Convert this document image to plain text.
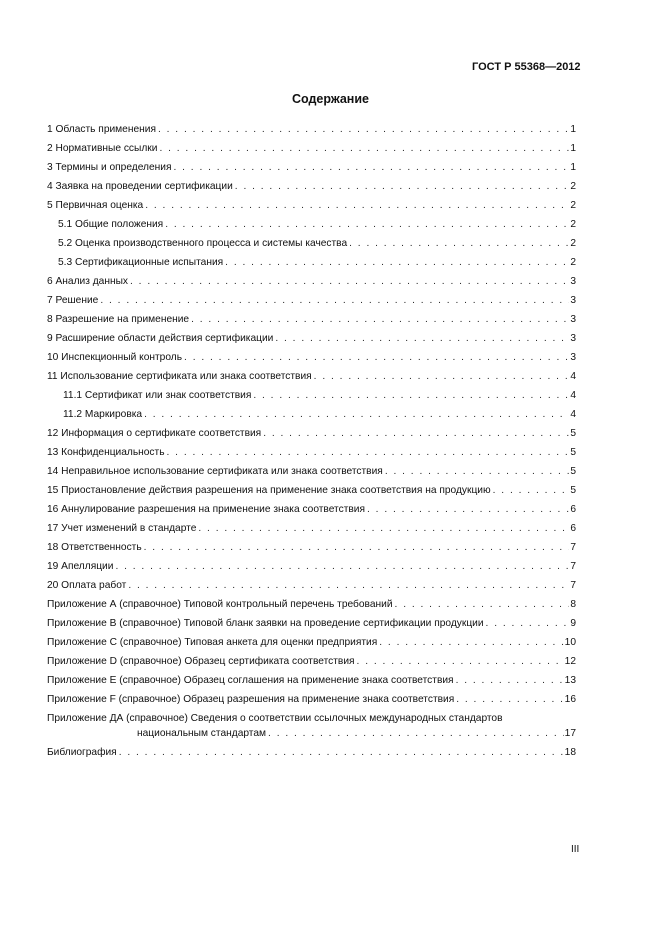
ГОСТ Р 55368—2012
Содержание
1 Область применения . . .	1
2 Нормативные ссылки . . .	1
3 Термины и определения . . .	1
4 Заявка на проведении сертификации . . .	2
5 Первичная оценка . . .	2
5.1 Общие положения . . .	2
5.2 Оценка производственного процесса и системы качества . . .	2
5.3 Сертификационные испытания . . .	2
6 Анализ данных . . .	3
7 Решение . . .	3
8 Разрешение на применение . . .	3
9 Расширение области действия сертификации . . .	3
10 Инспекционный контроль . . .	3
11 Использование сертификата или знака соответствия . . .	4
11.1 Сертификат или знак соответствия . . .	4
11.2 Маркировка . . .	4
12 Информация о сертификате соответствия . . .	5
13 Конфиденциальность . . .	5
14 Неправильное использование сертификата или знака соответствия . . .	5
15 Приостановление действия разрешения на применение знака соответствия на продукцию . . .	5
16 Аннулирование разрешения на применение знака соответствия . . .	6
17 Учет изменений в стандарте . . .	6
18 Ответственность . . .	7
19 Апелляции . . .	7
20 Оплата работ . . .	7
Приложение А (справочное) Типовой контрольный перечень требований . . .	8
Приложение В (справочное) Типовой бланк заявки на проведение сертификации продукции . . .	9
Приложение С (справочное) Типовая анкета для оценки предприятия . . .	10
Приложение D (справочное) Образец сертификата соответствия . . .	12
Приложение Е (справочное) Образец соглашения на применение знака соответствия . . .	13
Приложение F (справочное) Образец разрешения на применение знака соответствия . . .	16
Приложение ДА (справочное) Сведения о соответствии ссылочных международных стандартов
национальным стандартам . . .	17
Библиография . . .	18
III
